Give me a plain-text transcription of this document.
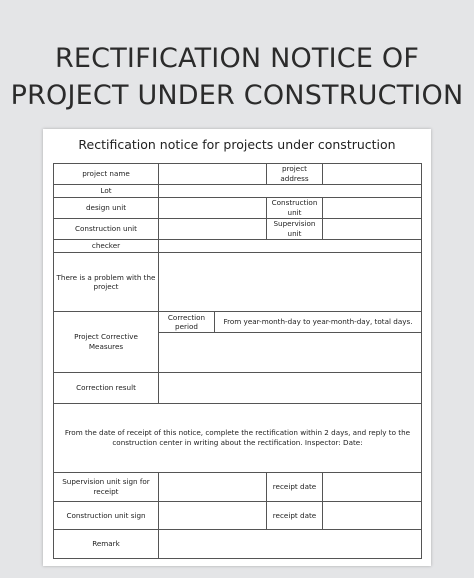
RECTIFICATION NOTICE OF
PROJECT UNDER CONSTRUCTION
Rectification notice for projects under construction
project name			project address	
Lot				
design unit			Construction unit	
Construction unit			Supervision unit	
checker				
There is a problem with the project				
Project Corrective Measures	Correction period	From year-month-day to year-month-day, total days.		

Correction result				
From the date of receipt of this notice, complete the rectification within 2 days, and reply to the construction center in writing about the rectification. Inspector: Date:				
Supervision unit sign for receipt			receipt date	
Construction unit sign			receipt date	
Remark				
